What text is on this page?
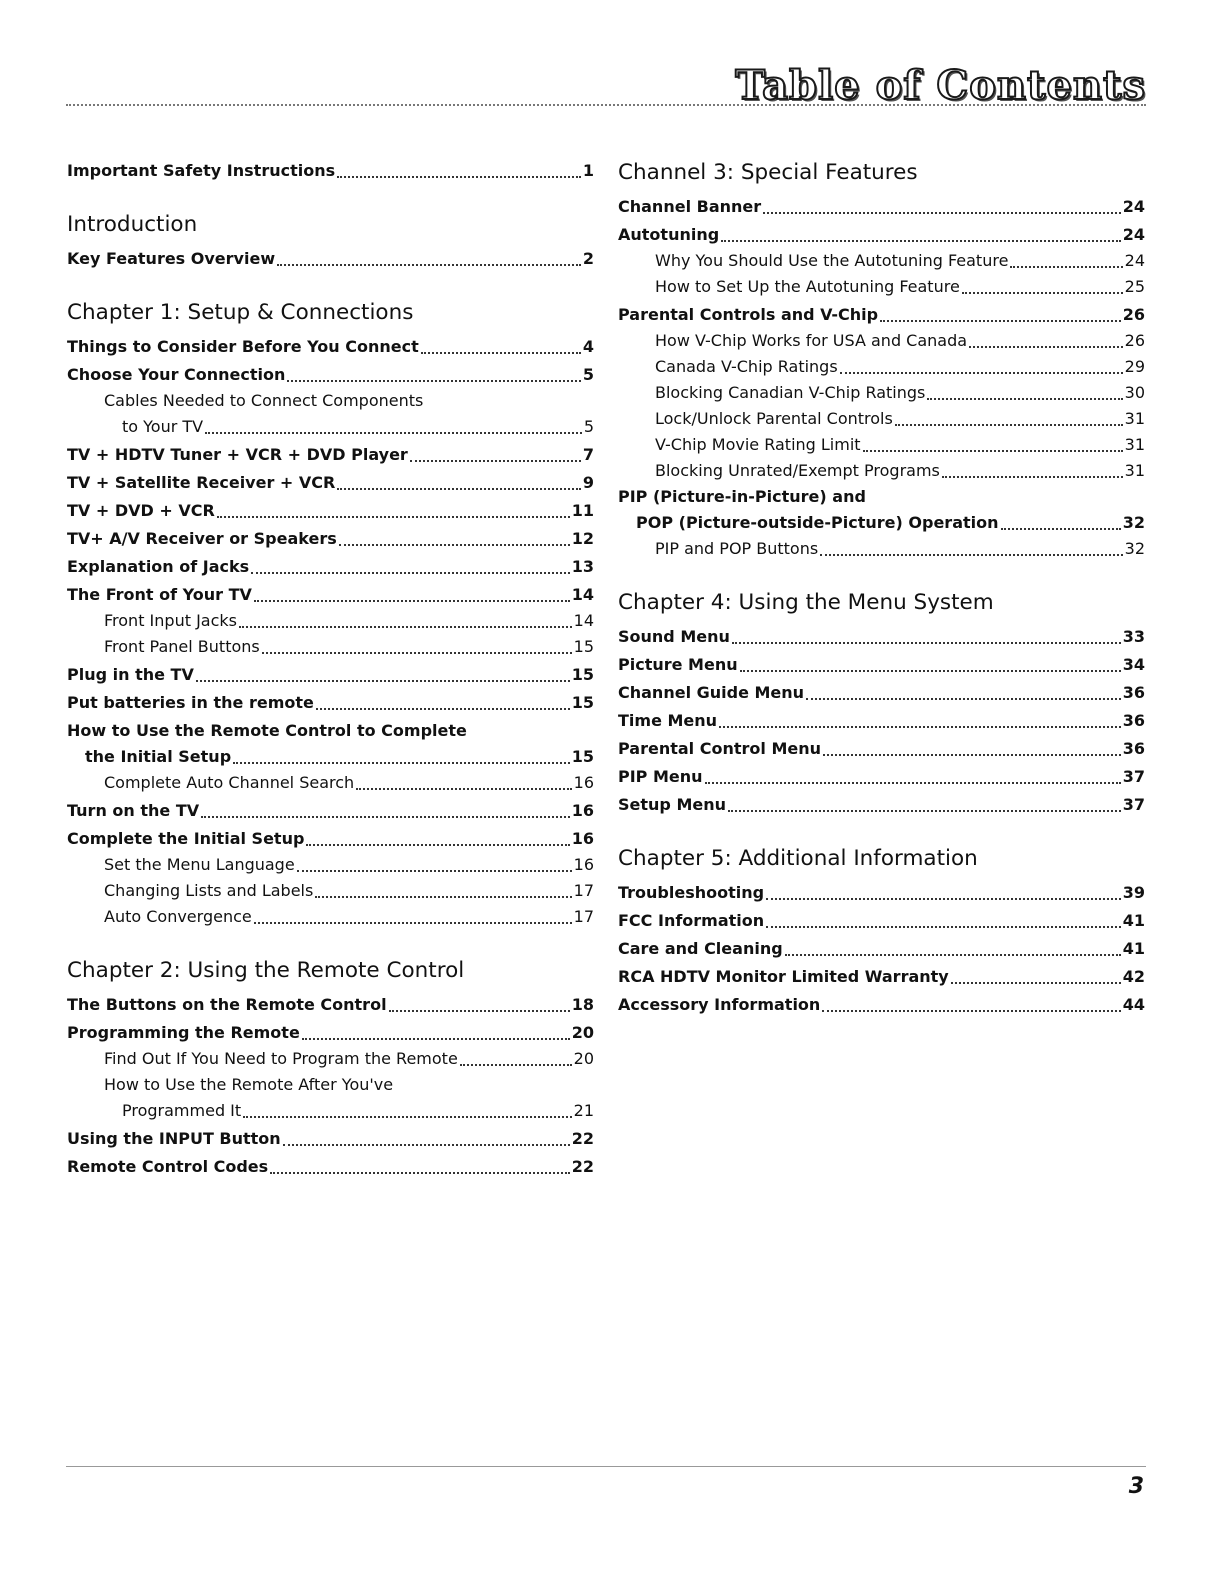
Table of Contents
Important Safety Instructions	1
Introduction
Key Features Overview	2
Chapter 1: Setup & Connections
Things to Consider Before You Connect	4
Choose Your Connection	5
Cables Needed to Connect Components
to Your TV	5
TV + HDTV Tuner + VCR + DVD Player	7
TV + Satellite Receiver + VCR	9
TV + DVD + VCR	11
TV+ A/V Receiver or Speakers	12
Explanation of Jacks	13
The Front of Your TV	14
Front Input Jacks	14
Front Panel Buttons	15
Plug in the TV	15
Put batteries in the remote	15
How to Use the Remote Control to Complete
the Initial Setup	15
Complete Auto Channel Search	16
Turn on the TV	16
Complete the Initial Setup	16
Set the Menu Language	16
Changing Lists and Labels	17
Auto Convergence	17
Chapter 2: Using the Remote Control
The Buttons on the Remote Control	18
Programming the Remote	20
Find Out If You Need to Program the Remote	20
How to Use the Remote After You've
Programmed It	21
Using the INPUT Button	22
Remote Control Codes	22
Channel 3: Special Features
Channel Banner	24
Autotuning	24
Why You Should Use the Autotuning Feature	24
How to Set Up the Autotuning Feature	25
Parental Controls and V-Chip	26
How V-Chip Works for USA and Canada	26
Canada V-Chip Ratings	29
Blocking Canadian V-Chip Ratings	30
Lock/Unlock Parental Controls	31
V-Chip Movie Rating Limit	31
Blocking Unrated/Exempt Programs	31
PIP (Picture-in-Picture) and
POP (Picture-outside-Picture) Operation	32
PIP and POP Buttons	32
Chapter 4: Using the Menu System
Sound Menu	33
Picture Menu	34
Channel Guide Menu	36
Time Menu	36
Parental Control Menu	36
PIP Menu	37
Setup Menu	37
Chapter 5: Additional Information
Troubleshooting	39
FCC Information	41
Care and Cleaning	41
RCA HDTV Monitor Limited Warranty	42
Accessory Information	44
3
